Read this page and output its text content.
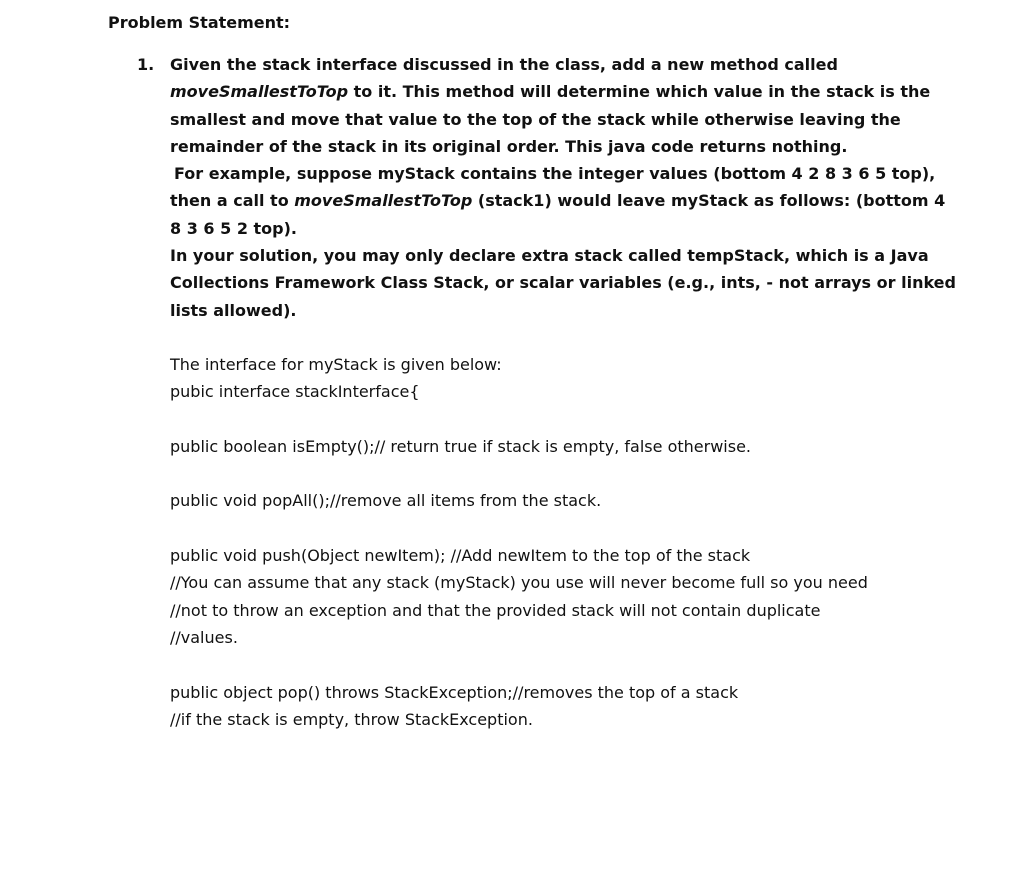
Problem Statement:
1. Given the stack interface discussed in the class, add a new method called
moveSmallestToTop to it. This method will determine which value in the stack is the
smallest and move that value to the top of the stack while otherwise leaving the
remainder of the stack in its original order. This java code returns nothing.
For example, suppose myStack contains the integer values (bottom 4 2 8 3 6 5 top),
then a call to moveSmallestToTop (stack1) would leave myStack as follows: (bottom 4
8 3 6 5 2 top).
In your solution, you may only declare extra stack called tempStack, which is a Java
Collections Framework Class Stack, or scalar variables (e.g., ints, - not arrays or linked
lists allowed).
The interface for myStack is given below:
pubic interface stackInterface{
public boolean isEmpty();// return true if stack is empty, false otherwise.
public void popAll();//remove all items from the stack.
public void push(Object newItem); //Add newItem to the top of the stack
//You can assume that any stack (myStack) you use will never become full so you need
//not to throw an exception and that the provided stack will not contain duplicate
//values.
public object pop() throws StackException;//removes the top of a stack
//if the stack is empty, throw StackException.
